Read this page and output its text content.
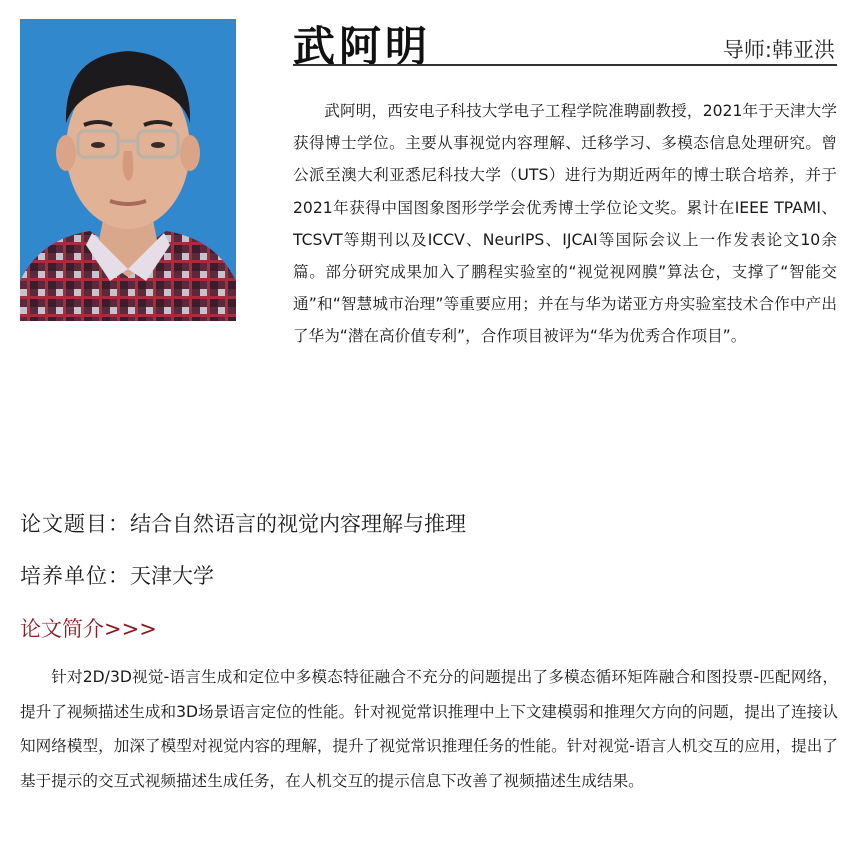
武阿明	导师:韩亚洪

武阿明，西安电子科技大学电子工程学院准聘副教授，2021年于天津大学获得博士学位。主要从事视觉内容理解、迁移学习、多模态信息处理研究。曾公派至澳大利亚悉尼科技大学（UTS）进行为期近两年的博士联合培养，并于2021年获得中国图象图形学学会优秀博士学位论文奖。累计在IEEE TPAMI、TCSVT等期刊以及ICCV、NeurIPS、IJCAI等国际会议上一作发表论文10余篇。部分研究成果加入了鹏程实验室的“视觉视网膜”算法仓，支撑了“智能交通”和“智慧城市治理”等重要应用；并在与华为诺亚方舟实验室技术合作中产出了华为“潜在高价值专利”，合作项目被评为“华为优秀合作项目”。

论文题目：结合自然语言的视觉内容理解与推理
培养单位：天津大学
论文简介>>>

针对2D/3D视觉-语言生成和定位中多模态特征融合不充分的问题提出了多模态循环矩阵融合和图投票-匹配网络，提升了视频描述生成和3D场景语言定位的性能。针对视觉常识推理中上下文建模弱和推理欠方向的问题，提出了连接认知网络模型，加深了模型对视觉内容的理解，提升了视觉常识推理任务的性能。针对视觉-语言人机交互的应用，提出了基于提示的交互式视频描述生成任务，在人机交互的提示信息下改善了视频描述生成结果。
